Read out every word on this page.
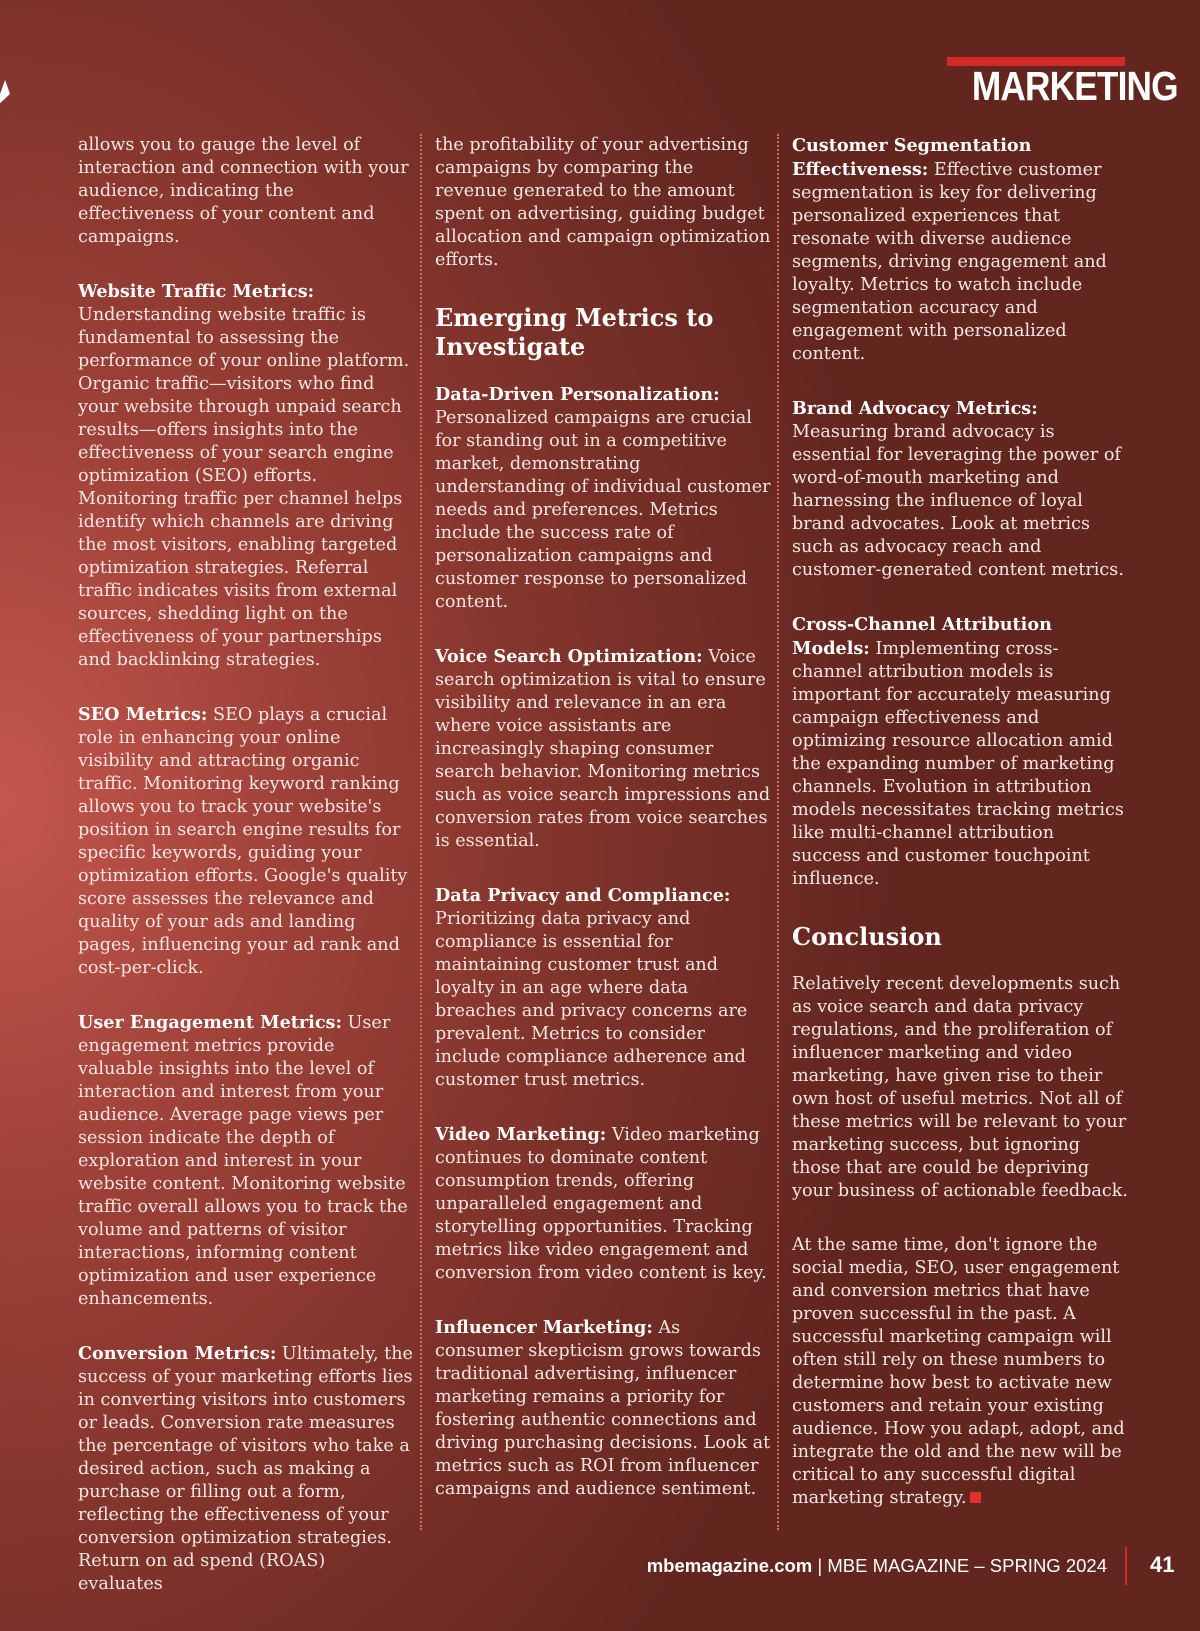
MARKETING

allows you to gauge the level of interaction and connection with your audience, indicating the effectiveness of your content and campaigns.

Website Traffic Metrics: Understanding website traffic is fundamental to assessing the performance of your online platform. Organic traffic—visitors who find your website through unpaid search results—offers insights into the effectiveness of your search engine optimization (SEO) efforts. Monitoring traffic per channel helps identify which channels are driving the most visitors, enabling targeted optimization strategies. Referral traffic indicates visits from external sources, shedding light on the effectiveness of your partnerships and backlinking strategies.

SEO Metrics: SEO plays a crucial role in enhancing your online visibility and attracting organic traffic. Monitoring keyword ranking allows you to track your website's position in search engine results for specific keywords, guiding your optimization efforts. Google's quality score assesses the relevance and quality of your ads and landing pages, influencing your ad rank and cost-per-click.

User Engagement Metrics: User engagement metrics provide valuable insights into the level of interaction and interest from your audience. Average page views per session indicate the depth of exploration and interest in your website content. Monitoring website traffic overall allows you to track the volume and patterns of visitor interactions, informing content optimization and user experience enhancements.

Conversion Metrics: Ultimately, the success of your marketing efforts lies in converting visitors into customers or leads. Conversion rate measures the percentage of visitors who take a desired action, such as making a purchase or filling out a form, reflecting the effectiveness of your conversion optimization strategies. Return on ad spend (ROAS) evaluates

the profitability of your advertising campaigns by comparing the revenue generated to the amount spent on advertising, guiding budget allocation and campaign optimization efforts.

Emerging Metrics to Investigate

Data-Driven Personalization: Personalized campaigns are crucial for standing out in a competitive market, demonstrating understanding of individual customer needs and preferences. Metrics include the success rate of personalization campaigns and customer response to personalized content.

Voice Search Optimization: Voice search optimization is vital to ensure visibility and relevance in an era where voice assistants are increasingly shaping consumer search behavior. Monitoring metrics such as voice search impressions and conversion rates from voice searches is essential.

Data Privacy and Compliance: Prioritizing data privacy and compliance is essential for maintaining customer trust and loyalty in an age where data breaches and privacy concerns are prevalent. Metrics to consider include compliance adherence and customer trust metrics.

Video Marketing: Video marketing continues to dominate content consumption trends, offering unparalleled engagement and storytelling opportunities. Tracking metrics like video engagement and conversion from video content is key.

Influencer Marketing: As consumer skepticism grows towards traditional advertising, influencer marketing remains a priority for fostering authentic connections and driving purchasing decisions. Look at metrics such as ROI from influencer campaigns and audience sentiment.

Customer Segmentation Effectiveness: Effective customer segmentation is key for delivering personalized experiences that resonate with diverse audience segments, driving engagement and loyalty. Metrics to watch include segmentation accuracy and engagement with personalized content.

Brand Advocacy Metrics: Measuring brand advocacy is essential for leveraging the power of word-of-mouth marketing and harnessing the influence of loyal brand advocates. Look at metrics such as advocacy reach and customer-generated content metrics.

Cross-Channel Attribution Models: Implementing cross-channel attribution models is important for accurately measuring campaign effectiveness and optimizing resource allocation amid the expanding number of marketing channels. Evolution in attribution models necessitates tracking metrics like multi-channel attribution success and customer touchpoint influence.

Conclusion

Relatively recent developments such as voice search and data privacy regulations, and the proliferation of influencer marketing and video marketing, have given rise to their own host of useful metrics. Not all of these metrics will be relevant to your marketing success, but ignoring those that are could be depriving your business of actionable feedback.

At the same time, don't ignore the social media, SEO, user engagement and conversion metrics that have proven successful in the past. A successful marketing campaign will often still rely on these numbers to determine how best to activate new customers and retain your existing audience. How you adapt, adopt, and integrate the old and the new will be critical to any successful digital marketing strategy.

mbemagazine.com | MBE MAGAZINE – SPRING 2024 41
